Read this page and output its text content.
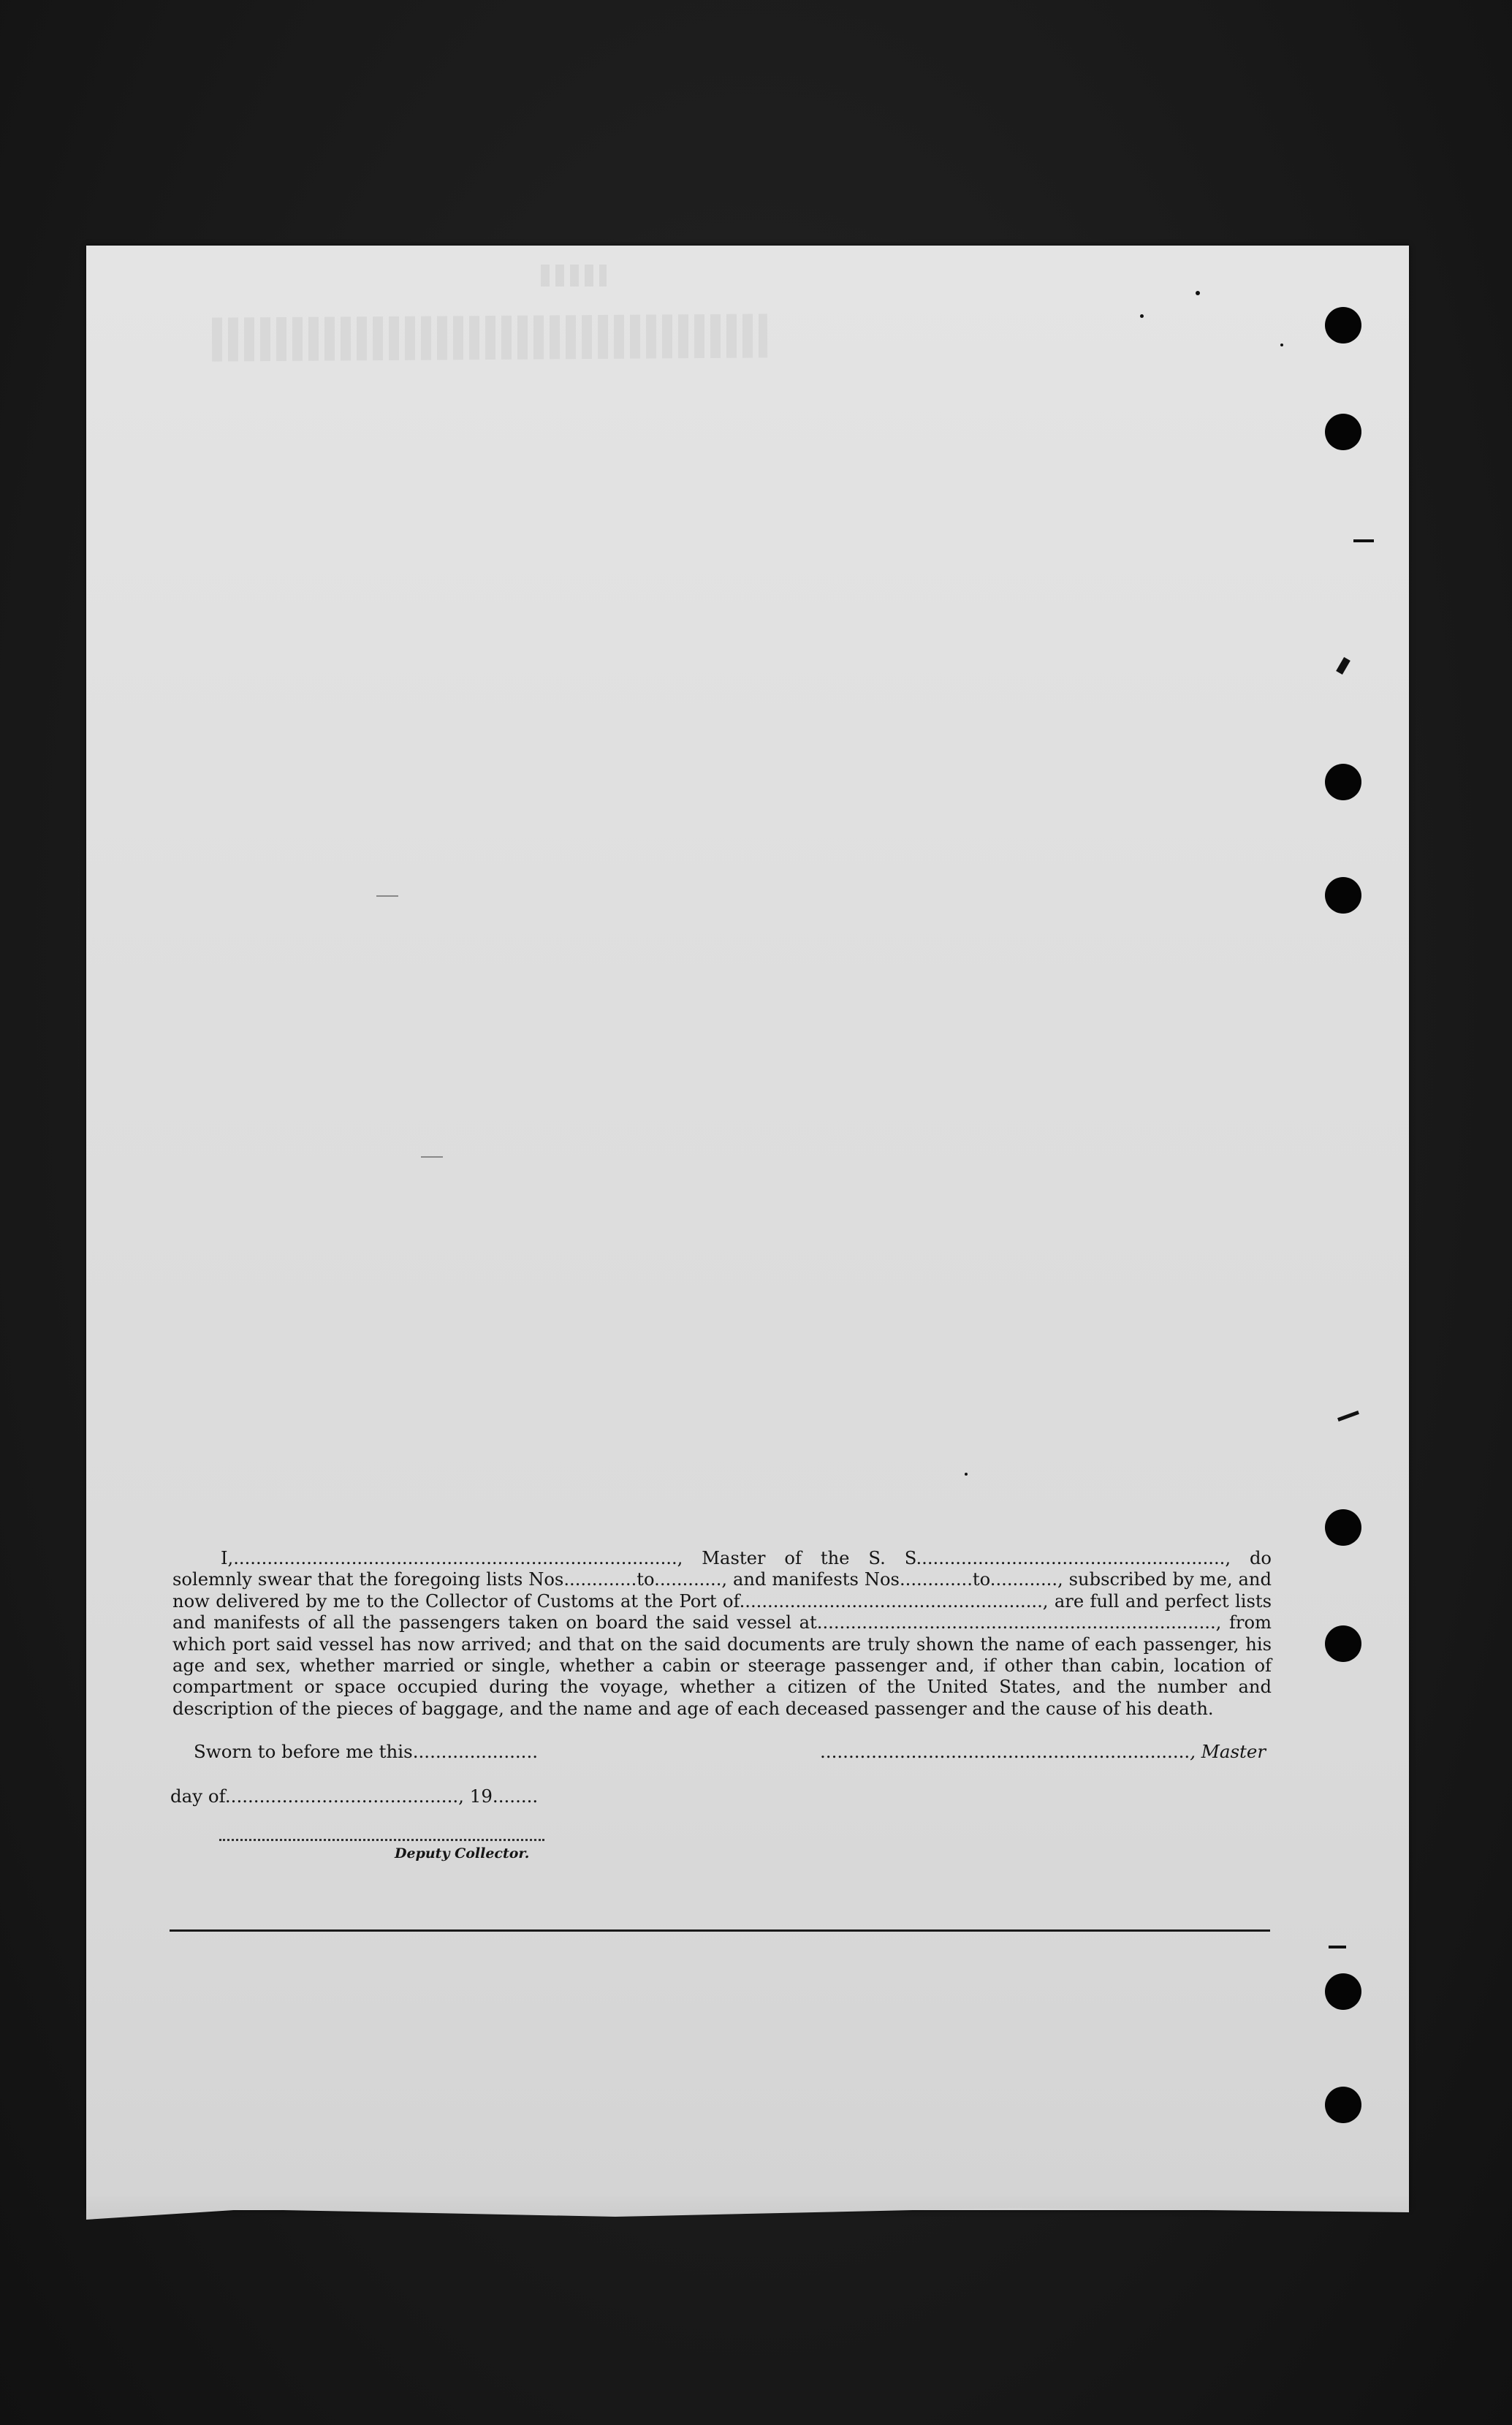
I,..............................................................................., Master of the S. S......................................................., do solemnly swear that the foregoing lists Nos.............to............, and manifests Nos.............to............, subscribed by me, and now delivered by me to the Collector of Customs at the Port of......................................................, are full and perfect lists and manifests of all the passengers taken on board the said vessel at......................................................................., from which port said vessel has now arrived; and that on the said documents are truly shown the name of each passenger, his age and sex, whether married or single, whether a cabin or steerage passenger and, if other than cabin, location of compartment or space occupied during the voyage, whether a citizen of the United States, and the number and description of the pieces of baggage, and the name and age of each deceased passenger and the cause of his death.

Sworn to before me this......................	................................................................., Master
day of........................................., 19........
Deputy Collector.
